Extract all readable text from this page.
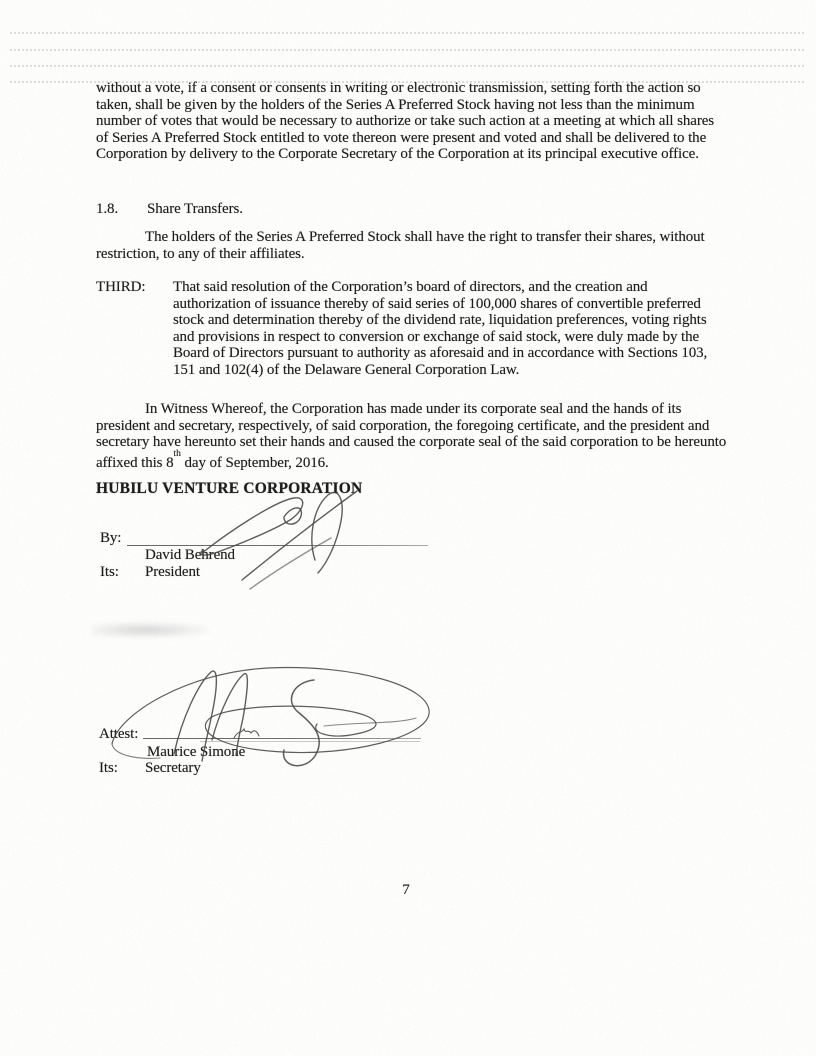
without a vote, if a consent or consents in writing or electronic transmission, setting forth the action so taken, shall be given by the holders of the Series A Preferred Stock having not less than the minimum number of votes that would be necessary to authorize or take such action at a meeting at which all shares of Series A Preferred Stock entitled to vote thereon were present and voted and shall be delivered to the Corporation by delivery to the Corporate Secretary of the Corporation at its principal executive office.

1.8. Share Transfers.

The holders of the Series A Preferred Stock shall have the right to transfer their shares, without restriction, to any of their affiliates.

THIRD: That said resolution of the Corporation’s board of directors, and the creation and authorization of issuance thereby of said series of 100,000 shares of convertible preferred stock and determination thereby of the dividend rate, liquidation preferences, voting rights and provisions in respect to conversion or exchange of said stock, were duly made by the Board of Directors pursuant to authority as aforesaid and in accordance with Sections 103, 151 and 102(4) of the Delaware General Corporation Law.

In Witness Whereof, the Corporation has made under its corporate seal and the hands of its president and secretary, respectively, of said corporation, the foregoing certificate, and the president and secretary have hereunto set their hands and caused the corporate seal of the said corporation to be hereunto affixed this 8th day of September, 2016.

HUBILU VENTURE CORPORATION
By:
David Behrend
Its: President
Attest:
Maurice Simone
Its: Secretary
7
